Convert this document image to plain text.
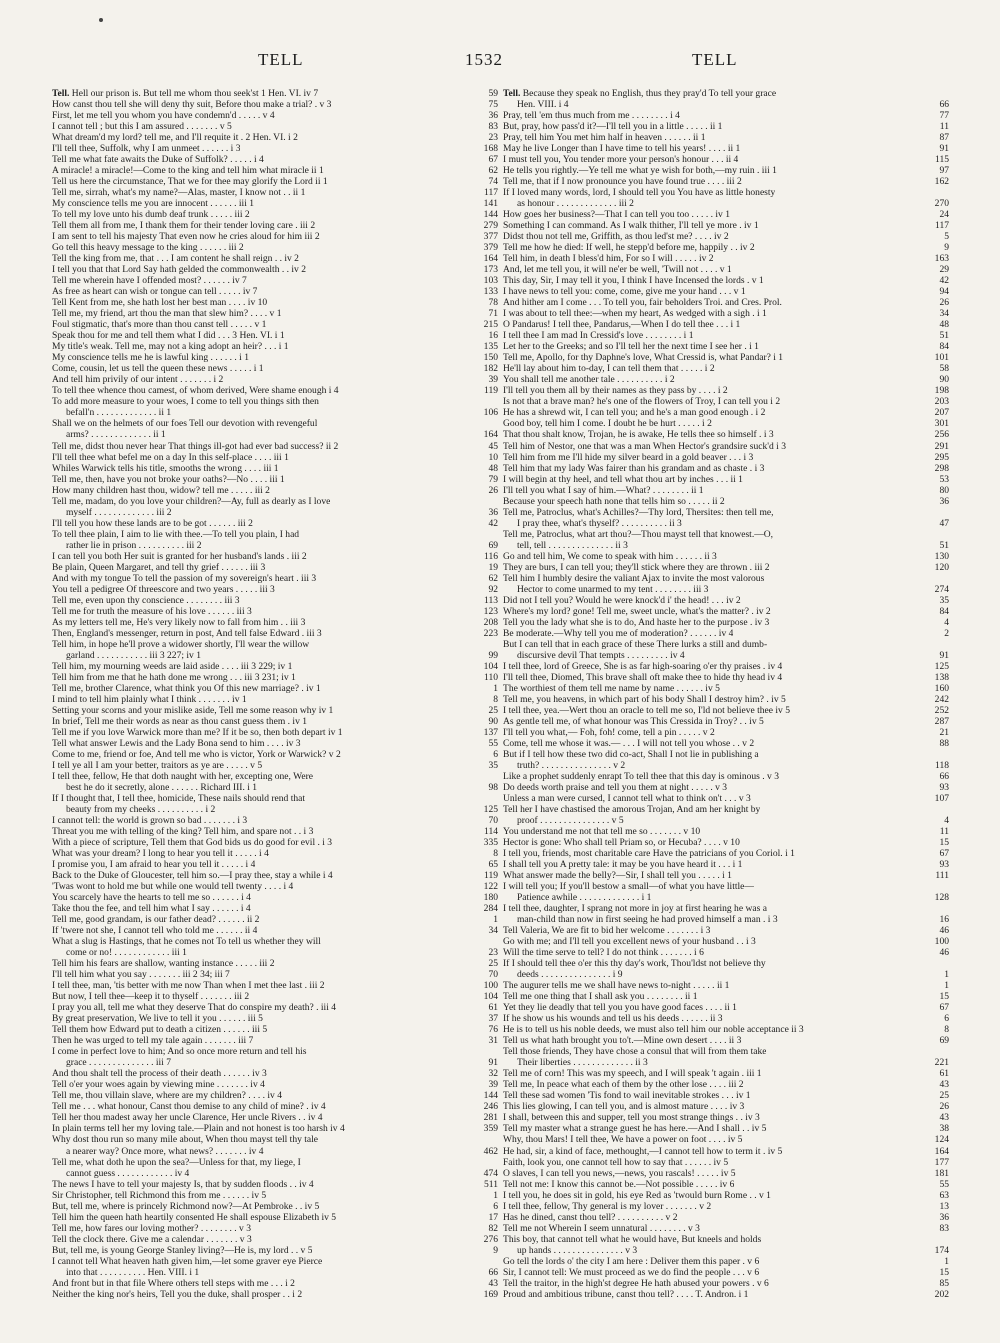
TELL	1532	TELL
Tell. Hell our prison is. But tell me whom thou seek'st 1 Hen. VI. iv 7	59
How canst thou tell she will deny thy suit, Before thou make a trial? . v 3	75
First, let me tell you whom you have condemn'd . . . . . v 4	36
I cannot tell ; but this I am assured . . . . . . . v 5	83
What dream'd my lord? tell me, and I'll requite it . 2 Hen. VI. i 2	23
I'll tell thee, Suffolk, why I am unmeet . . . . . . i 3	168
Tell me what fate awaits the Duke of Suffolk? . . . . . i 4	67
A miracle! a miracle!—Come to the king and tell him what miracle ii 1	62
Tell us here the circumstance, That we for thee may glorify the Lord ii 1	74
Tell me, sirrah, what's my name?—Alas, master, I know not . . ii 1	117
My conscience tells me you are innocent . . . . . . iii 1	141
To tell my love unto his dumb deaf trunk . . . . . iii 2	144
Tell them all from me, I thank them for their tender loving care . iii 2	279
I am sent to tell his majesty That even now he cries aloud for him iii 2	377
Go tell this heavy message to the king . . . . . . iii 2	379
Tell the king from me, that . . . I am content he shall reign . . iv 2	164
I tell you that that Lord Say hath gelded the commonwealth . . iv 2	173
Tell me wherein have I offended most? . . . . . . iv 7	103
As free as heart can wish or tongue can tell . . . . . iv 7	133
Tell Kent from me, she hath lost her best man . . . . iv 10	78
Tell me, my friend, art thou the man that slew him? . . . . v 1	71
Foul stigmatic, that's more than thou canst tell . . . . . v 1	215
Speak thou for me and tell them what I did . . . 3 Hen. VI. i 1	16
My title's weak. Tell me, may not a king adopt an heir? . . . i 1	135
My conscience tells me he is lawful king . . . . . . i 1	150
Come, cousin, let us tell the queen these news . . . . . i 1	182
And tell him privily of our intent . . . . . . . i 2	39
To tell thee whence thou camest, of whom derived, Were shame enough i 4	119
To add more measure to your woes, I come to tell you things sith then
befall'n . . . . . . . . . . . . . ii 1	106
Shall we on the helmets of our foes Tell our devotion with revengeful
arms? . . . . . . . . . . . . . ii 1	164
Tell me, didst thou never hear That things ill-got had ever bad success? ii 2	45
I'll tell thee what befel me on a day In this self-place . . . . iii 1	10
Whiles Warwick tells his title, smooths the wrong . . . . iii 1	48
Tell me, then, have you not broke your oaths?—No . . . . iii 1	79
How many children hast thou, widow? tell me . . . . . iii 2	26
Tell me, madam, do you love your children?—Ay, full as dearly as I love
myself . . . . . . . . . . . . . iii 2	36
I'll tell you how these lands are to be got . . . . . . iii 2	42
To tell thee plain, I aim to lie with thee.—To tell you plain, I had
rather lie in prison . . . . . . . . . . iii 2	69
I can tell you both Her suit is granted for her husband's lands . iii 2	116
Be plain, Queen Margaret, and tell thy grief . . . . . . iii 3	19
And with my tongue To tell the passion of my sovereign's heart . iii 3	62
You tell a pedigree Of threescore and two years . . . . . iii 3	92
Tell me, even upon thy conscience . . . . . . . . iii 3	113
Tell me for truth the measure of his love . . . . . . iii 3	123
As my letters tell me, He's very likely now to fall from him . . iii 3	208
Then, England's messenger, return in post, And tell false Edward . iii 3	223
Tell him, in hope he'll prove a widower shortly, I'll wear the willow
garland . . . . . . . . . . . iii 3 227; iv 1	99
Tell him, my mourning weeds are laid aside . . . . iii 3 229; iv 1	104
Tell him from me that he hath done me wrong . . . iii 3 231; iv 1	110
Tell me, brother Clarence, what think you Of this new marriage? . iv 1	1
I mind to tell him plainly what I think . . . . . . . iv 1	8
Setting your scorns and your mislike aside, Tell me some reason why iv 1	25
In brief, Tell me their words as near as thou canst guess them . iv 1	90
Tell me if you love Warwick more than me? If it be so, then both depart iv 1	137
Tell what answer Lewis and the Lady Bona send to him . . . . iv 3	55
Come to me, friend or foe, And tell me who is victor, York or Warwick? v 2	6
I tell ye all I am your better, traitors as ye are . . . . . v 5	35
I tell thee, fellow, He that doth naught with her, excepting one, Were
best he do it secretly, alone . . . . . . Richard III. i 1	98
If I thought that, I tell thee, homicide, These nails should rend that
beauty from my cheeks . . . . . . . . . . i 2	125
I cannot tell: the world is grown so bad . . . . . . . i 3	70
Threat you me with telling of the king? Tell him, and spare not . . i 3	114
With a piece of scripture, Tell them that God bids us do good for evil . i 3	335
What was your dream? I long to hear you tell it . . . . . i 4	8
I promise you, I am afraid to hear you tell it . . . . . i 4	65
Back to the Duke of Gloucester, tell him so.—I pray thee, stay a while i 4	119
'Twas wont to hold me but while one would tell twenty . . . . i 4	122
You scarcely have the hearts to tell me so . . . . . . i 4	180
Take thou the fee, and tell him what I say . . . . . . i 4	284
Tell me, good grandam, is our father dead? . . . . . . ii 2	1
If 'twere not she, I cannot tell who told me . . . . . . ii 4	34
What a slug is Hastings, that he comes not To tell us whether they will
come or no! . . . . . . . . . . . . iii 1	23
Tell him his fears are shallow, wanting instance . . . . . iii 2	25
I'll tell him what you say . . . . . . . iii 2 34; iii 7	70
I tell thee, man, 'tis better with me now Than when I met thee last . iii 2	100
But now, I tell thee—keep it to thyself . . . . . . . iii 2	104
I pray you all, tell me what they deserve That do conspire my death? . iii 4	61
By great preservation, We live to tell it you . . . . . . iii 5	37
Tell them how Edward put to death a citizen . . . . . . iii 5	76
Then he was urged to tell my tale again . . . . . . . iii 7	31
I come in perfect love to him; And so once more return and tell his
grace . . . . . . . . . . . . . . iii 7	91
And thou shalt tell the process of their death . . . . . . iv 3	32
Tell o'er your woes again by viewing mine . . . . . . . iv 4	39
Tell me, thou villain slave, where are my children? . . . . iv 4	144
Tell me . . . what honour, Canst thou demise to any child of mine? . iv 4	246
Tell her thou madest away her uncle Clarence, Her uncle Rivers . . iv 4	281
In plain terms tell her my loving tale.—Plain and not honest is too harsh iv 4	359
Why dost thou run so many mile about, When thou mayst tell thy tale
a nearer way? Once more, what news? . . . . . . . iv 4	462
Tell me, what doth he upon the sea?—Unless for that, my liege, I
cannot guess . . . . . . . . . . . . iv 4	474
The news I have to tell your majesty Is, that by sudden floods . . iv 4	511
Sir Christopher, tell Richmond this from me . . . . . . iv 5	1
But, tell me, where is princely Richmond now?—At Pembroke . . iv 5	6
Tell him the queen hath heartily consented He shall espouse Elizabeth iv 5	17
Tell me, how fares our loving mother? . . . . . . . . v 3	82
Tell the clock there. Give me a calendar . . . . . . . v 3	276
But, tell me, is young George Stanley living?—He is, my lord . . v 5	9
I cannot tell What heaven hath given him,—let some graver eye Pierce
into that . . . . . . . . . . Hen. VIII. i 1	66
And front but in that file Where others tell steps with me . . . i 2	43
Neither the king nor's heirs, Tell you the duke, shall prosper . . i 2	169
Tell. Because they speak no English, thus they pray'd To tell your grace
Hen. VIII. i 4	66
Pray, tell 'em thus much from me . . . . . . . . i 4	77
But, pray, how pass'd it?—I'll tell you in a little . . . . . ii 1	11
Pray, tell him You met him half in heaven . . . . . . ii 1	87
May he live Longer than I have time to tell his years! . . . . ii 1	91
I must tell you, You tender more your person's honour . . . ii 4	115
He tells you rightly.—Ye tell me what ye wish for both,—my ruin . iii 1	97
Tell me, that if I now pronounce you have found true . . . . iii 2	162
If I loved many words, lord, I should tell you You have as little honesty
as honour . . . . . . . . . . . . . iii 2	270
How goes her business?—That I can tell you too . . . . . iv 1	24
Something I can command. As I walk thither, I'll tell ye more . iv 1	117
Didst thou not tell me, Griffith, as thou led'st me? . . . . iv 2	5
Tell me how he died: If well, he stepp'd before me, happily . . iv 2	9
Tell him, in death I bless'd him, For so I will . . . . . iv 2	163
And, let me tell you, it will ne'er be well, 'Twill not . . . . v 1	29
This day, Sir, I may tell it you, I think I have Incensed the lords . v 1	42
I have news to tell you: come, come, give me your hand . . . v 1	94
And hither am I come . . . To tell you, fair beholders Troi. and Cres. Prol.	26
I was about to tell thee:—when my heart, As wedged with a sigh . i 1	34
O Pandarus! I tell thee, Pandarus,—When I do tell thee . . . i 1	48
I tell thee I am mad In Cressid's love . . . . . . . . i 1	51
Let her to the Greeks; and so I'll tell her the next time I see her . i 1	84
Tell me, Apollo, for thy Daphne's love, What Cressid is, what Pandar? i 1	101
He'll lay about him to-day, I can tell them that . . . . . i 2	58
You shall tell me another tale . . . . . . . . . . i 2	90
I'll tell you them all by their names as they pass by . . . . i 2	198
Is not that a brave man? he's one of the flowers of Troy, I can tell you i 2	203
He has a shrewd wit, I can tell you; and he's a man good enough . i 2	207
Good boy, tell him I come. I doubt he be hurt . . . . . i 2	301
That thou shalt know, Trojan, he is awake, He tells thee so himself . i 3	256
Tell him of Nestor, one that was a man When Hector's grandsire suck'd i 3	291
Tell him from me I'll hide my silver beard in a gold beaver . . . i 3	295
Tell him that my lady Was fairer than his grandam and as chaste . i 3	298
I will begin at thy heel, and tell what thou art by inches . . . ii 1	53
I'll tell you what I say of him.—What? . . . . . . . . ii 1	80
Because your speech hath none that tells him so . . . . . ii 2	36
Tell me, Patroclus, what's Achilles?—Thy lord, Thersites: then tell me,
I pray thee, what's thyself? . . . . . . . . . . ii 3	47
Tell me, Patroclus, what art thou?—Thou mayst tell that knowest.—O,
tell, tell . . . . . . . . . . . . . . ii 3	51
Go and tell him, We come to speak with him . . . . . . ii 3	130
They are burs, I can tell you; they'll stick where they are thrown . iii 2	120
Tell him I humbly desire the valiant Ajax to invite the most valorous
Hector to come unarmed to my tent . . . . . . . . iii 3	274
Did not I tell you? Would he were knock'd i' the head! . . . iv 2	35
Where's my lord? gone! Tell me, sweet uncle, what's the matter? . iv 2	84
Tell you the lady what she is to do, And haste her to the purpose . iv 3	4
Be moderate.—Why tell you me of moderation? . . . . . . iv 4	2
But I can tell that in each grace of these There lurks a still and dumb-
discursive devil That tempts . . . . . . . . . iv 4	91
I tell thee, lord of Greece, She is as far high-soaring o'er thy praises . iv 4	125
I'll tell thee, Diomed, This brave shall oft make thee to hide thy head iv 4	138
The worthiest of them tell me name by name . . . . . . iv 5	160
Tell me, you heavens, in which part of his body Shall I destroy him? . iv 5	242
I tell thee, yea.—Wert thou an oracle to tell me so, I'ld not believe thee iv 5	252
As gentle tell me, of what honour was This Cressida in Troy? . . iv 5	287
I'll tell you what,— Foh, foh! come, tell a pin . . . . . v 2	21
Come, tell me whose it was.— . . . I will not tell you whose . . v 2	88
But if I tell how these two did co-act, Shall I not lie in publishing a
truth? . . . . . . . . . . . . . . . v 2	118
Like a prophet suddenly enrapt To tell thee that this day is ominous . v 3	66
Do deeds worth praise and tell you them at night . . . . . v 3	93
Unless a man were cursed, I cannot tell what to think on't . . . v 3	107
Tell her I have chastised the amorous Trojan, And am her knight by
proof . . . . . . . . . . . . . . . v 5	4
You understand me not that tell me so . . . . . . . v 10	11
Hector is gone: Who shall tell Priam so, or Hecuba? . . . . v 10	15
I tell you, friends, most charitable care Have the patricians of you Coriol. i 1	67
I shall tell you A pretty tale: it may be you have heard it . . . i 1	93
What answer made the belly?—Sir, I shall tell you . . . . . i 1	111
I will tell you; If you'll bestow a small—of what you have little—
Patience awhile . . . . . . . . . . . . . i 1	128
I tell thee, daughter, I sprang not more in joy at first hearing he was a
man-child than now in first seeing he had proved himself a man . i 3	16
Tell Valeria, We are fit to bid her welcome . . . . . . . i 3	46
Go with me; and I'll tell you excellent news of your husband . . i 3	100
Will the time serve to tell? I do not think . . . . . . . i 6	46
If I should tell thee o'er this thy day's work, Thou'ldst not believe thy
deeds . . . . . . . . . . . . . . . i 9	1
The augurer tells me we shall have news to-night . . . . . ii 1	1
Tell me one thing that I shall ask you . . . . . . . . ii 1	15
Yet they lie deadly that tell you you have good faces . . . . ii 1	67
If he show us his wounds and tell us his deeds . . . . . . ii 3	6
He is to tell us his noble deeds, we must also tell him our noble acceptance ii 3	8
Tell us what hath brought you to't.—Mine own desert . . . . ii 3	69
Tell those friends, They have chose a consul that will from them take
Their liberties . . . . . . . . . . . . . ii 3	221
Tell me of corn! This was my speech, and I will speak 't again . iii 1	61
Tell me, In peace what each of them by the other lose . . . . iii 2	43
Tell these sad women 'Tis fond to wail inevitable strokes . . . iv 1	25
This lies glowing, I can tell you, and is almost mature . . . . iv 3	26
I shall, between this and supper, tell you most strange things . . iv 3	43
Tell my master what a strange guest he has here.—And I shall . . iv 5	38
Why, thou Mars! I tell thee, We have a power on foot . . . . iv 5	124
He had, sir, a kind of face, methought,—I cannot tell how to term it . iv 5	164
Faith, look you, one cannot tell how to say that . . . . . . iv 5	177
O slaves, I can tell you news,—news, you rascals! . . . . . iv 5	181
Tell not me: I know this cannot be.—Not possible . . . . . iv 6	55
I tell you, he does sit in gold, his eye Red as 'twould burn Rome . . v 1	63
I tell thee, fellow, Thy general is my lover . . . . . . . v 2	13
Has he dined, canst thou tell? . . . . . . . . . . v 2	36
Tell me not Wherein I seem unnatural . . . . . . . . v 3	83
This boy, that cannot tell what he would have, But kneels and holds
up hands . . . . . . . . . . . . . . . v 3	174
Go tell the lords o' the city I am here : Deliver them this paper . v 6	1
Sir, I cannot tell: We must proceed as we do find the people . . . v 6	15
Tell the traitor, in the high'st degree He hath abused your powers . v 6	85
Proud and ambitious tribune, canst thou tell? . . . . T. Andron. i 1	202
